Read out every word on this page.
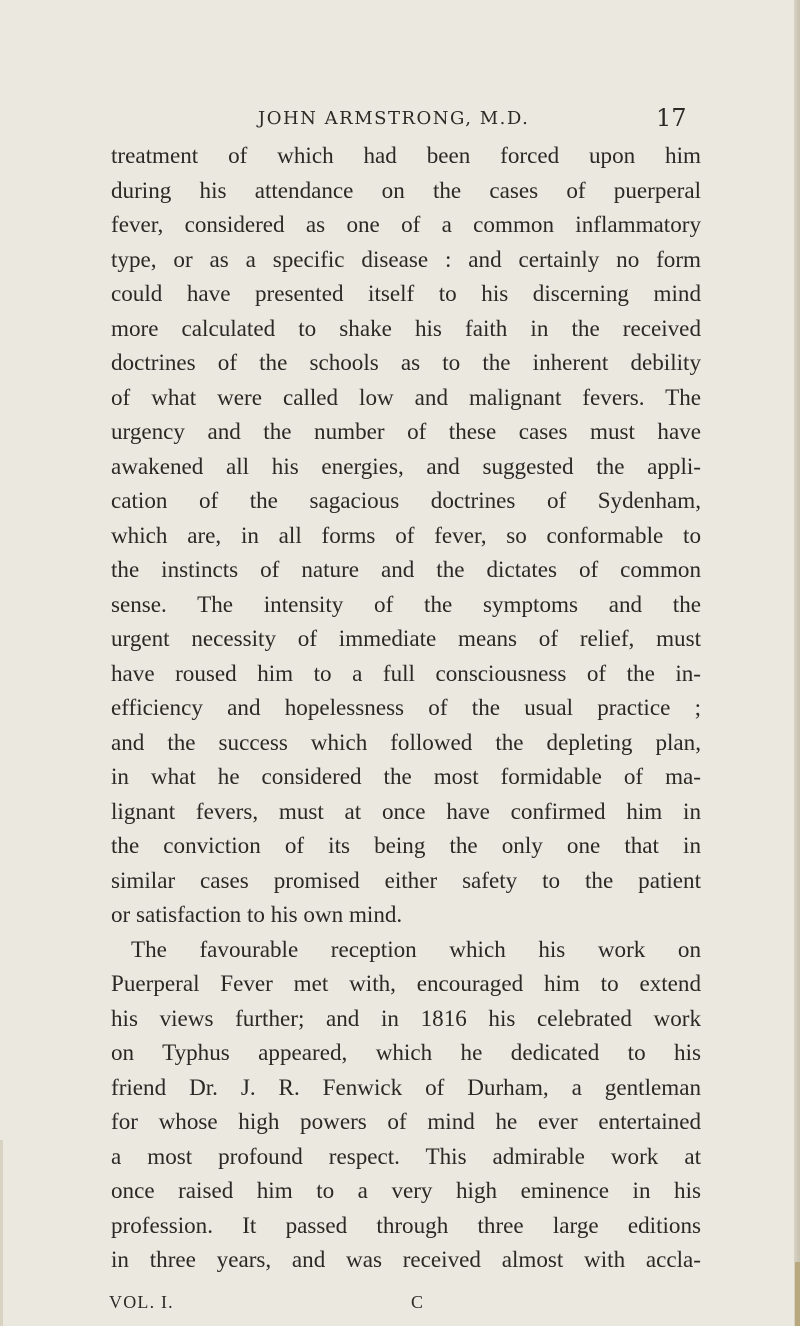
JOHN ARMSTRONG, M.D.	17
treatment of which had been forced upon him
during his attendance on the cases of puerperal
fever, considered as one of a common inflammatory
type, or as a specific disease : and certainly no form
could have presented itself to his discerning mind
more calculated to shake his faith in the received
doctrines of the schools as to the inherent debility
of what were called low and malignant fevers. The
urgency and the number of these cases must have
awakened all his energies, and suggested the appli-
cation of the sagacious doctrines of Sydenham,
which are, in all forms of fever, so conformable to
the instincts of nature and the dictates of common
sense. The intensity of the symptoms and the
urgent necessity of immediate means of relief, must
have roused him to a full consciousness of the in-
efficiency and hopelessness of the usual practice ;
and the success which followed the depleting plan,
in what he considered the most formidable of ma-
lignant fevers, must at once have confirmed him in
the conviction of its being the only one that in
similar cases promised either safety to the patient
or satisfaction to his own mind.
The favourable reception which his work on
Puerperal Fever met with, encouraged him to extend
his views further; and in 1816 his celebrated work
on Typhus appeared, which he dedicated to his
friend Dr. J. R. Fenwick of Durham, a gentleman
for whose high powers of mind he ever entertained
a most profound respect. This admirable work at
once raised him to a very high eminence in his
profession. It passed through three large editions
in three years, and was received almost with accla-
VOL. I.	C
